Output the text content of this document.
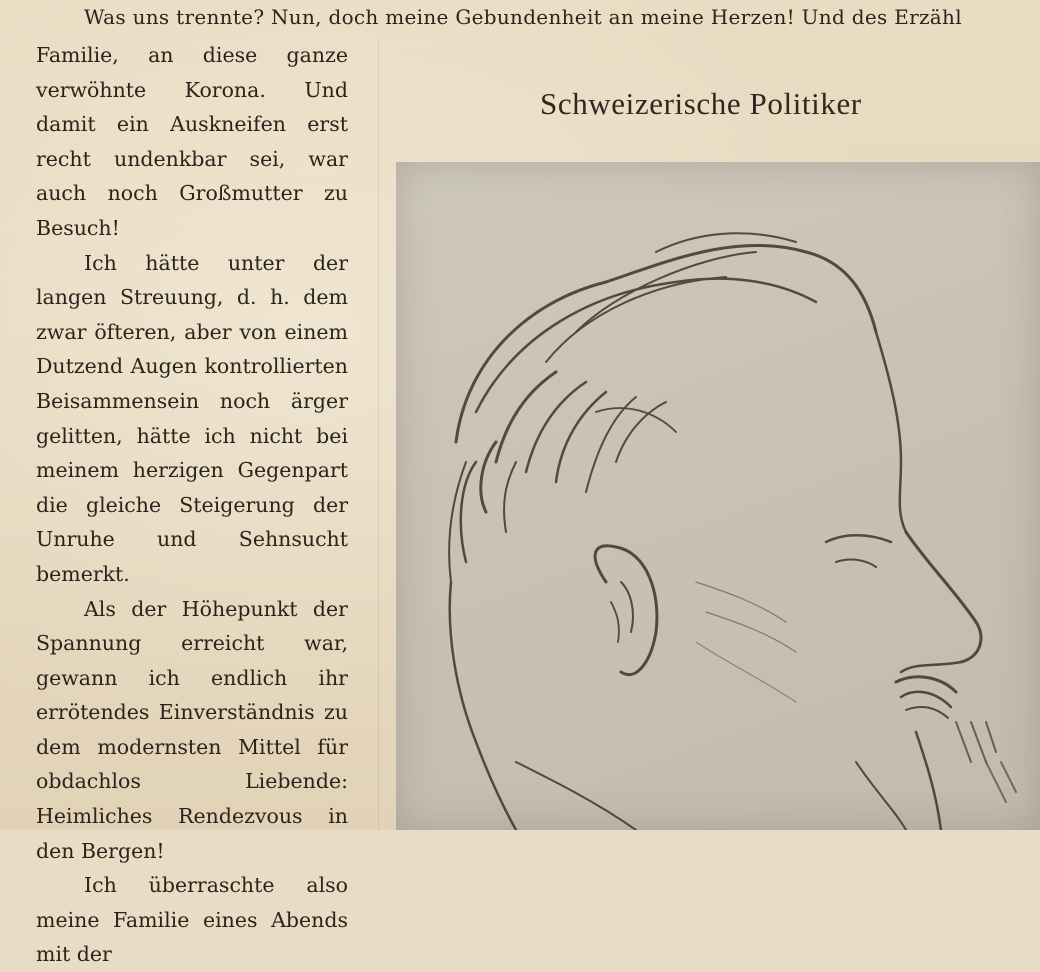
Was uns trennte? Nun, doch meine Gebundenheit an meine Herzen! Und des Erzähl

Familie, an diese ganze verwöhnte Korona. Und damit ein Auskneifen erst recht undenkbar sei, war auch noch Großmutter zu Besuch!

Ich hätte unter der langen Streuung, d. h. dem zwar öfteren, aber von einem Dutzend Augen kontrollierten Beisammensein noch ärger gelitten, hätte ich nicht bei meinem herzigen Gegenpart die gleiche Steigerung der Unruhe und Sehnsucht bemerkt.

Als der Höhepunkt der Spannung erreicht war, gewann ich endlich ihr errötendes Einverständnis zu dem modernsten Mittel für obdachlos Liebende: Heimliches Rendezvous in den Bergen!

Ich überraschte also meine Familie eines Abends mit der

Schweizerische Politiker
